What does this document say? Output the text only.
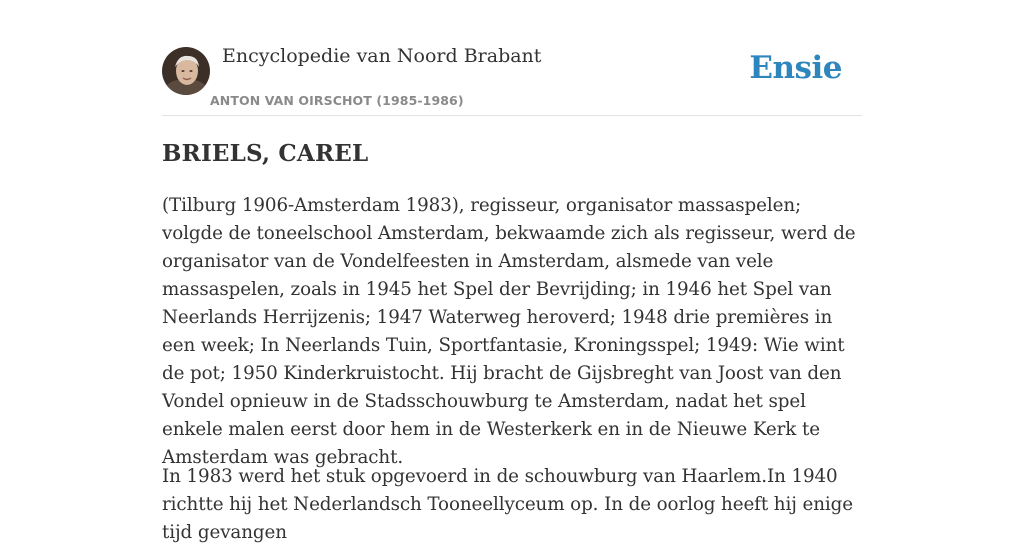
Encyclopedie van Noord Brabant
ANTON VAN OIRSCHOT (1985-1986)
Ensie
BRIELS, CAREL

(Tilburg 1906-Amsterdam 1983), regisseur, organisator massaspelen; volgde de toneelschool Amsterdam, bekwaamde zich als regisseur, werd de organisator van de Vondelfeesten in Amsterdam, alsmede van vele massaspelen, zoals in 1945 het Spel der Bevrijding; in 1946 het Spel van Neerlands Herrijzenis; 1947 Waterweg heroverd; 1948 drie premières in een week; In Neerlands Tuin, Sportfantasie, Kroningsspel; 1949: Wie wint de pot; 1950 Kinderkruistocht. Hij bracht de Gijsbreght van Joost van den Vondel opnieuw in de Stadsschouwburg te Amsterdam, nadat het spel enkele malen eerst door hem in de Westerkerk en in de Nieuwe Kerk te Amsterdam was gebracht.

In 1983 werd het stuk opgevoerd in de schouwburg van Haarlem.In 1940 richtte hij het Nederlandsch Tooneellyceum op. In de oorlog heeft hij enige tijd gevangen
